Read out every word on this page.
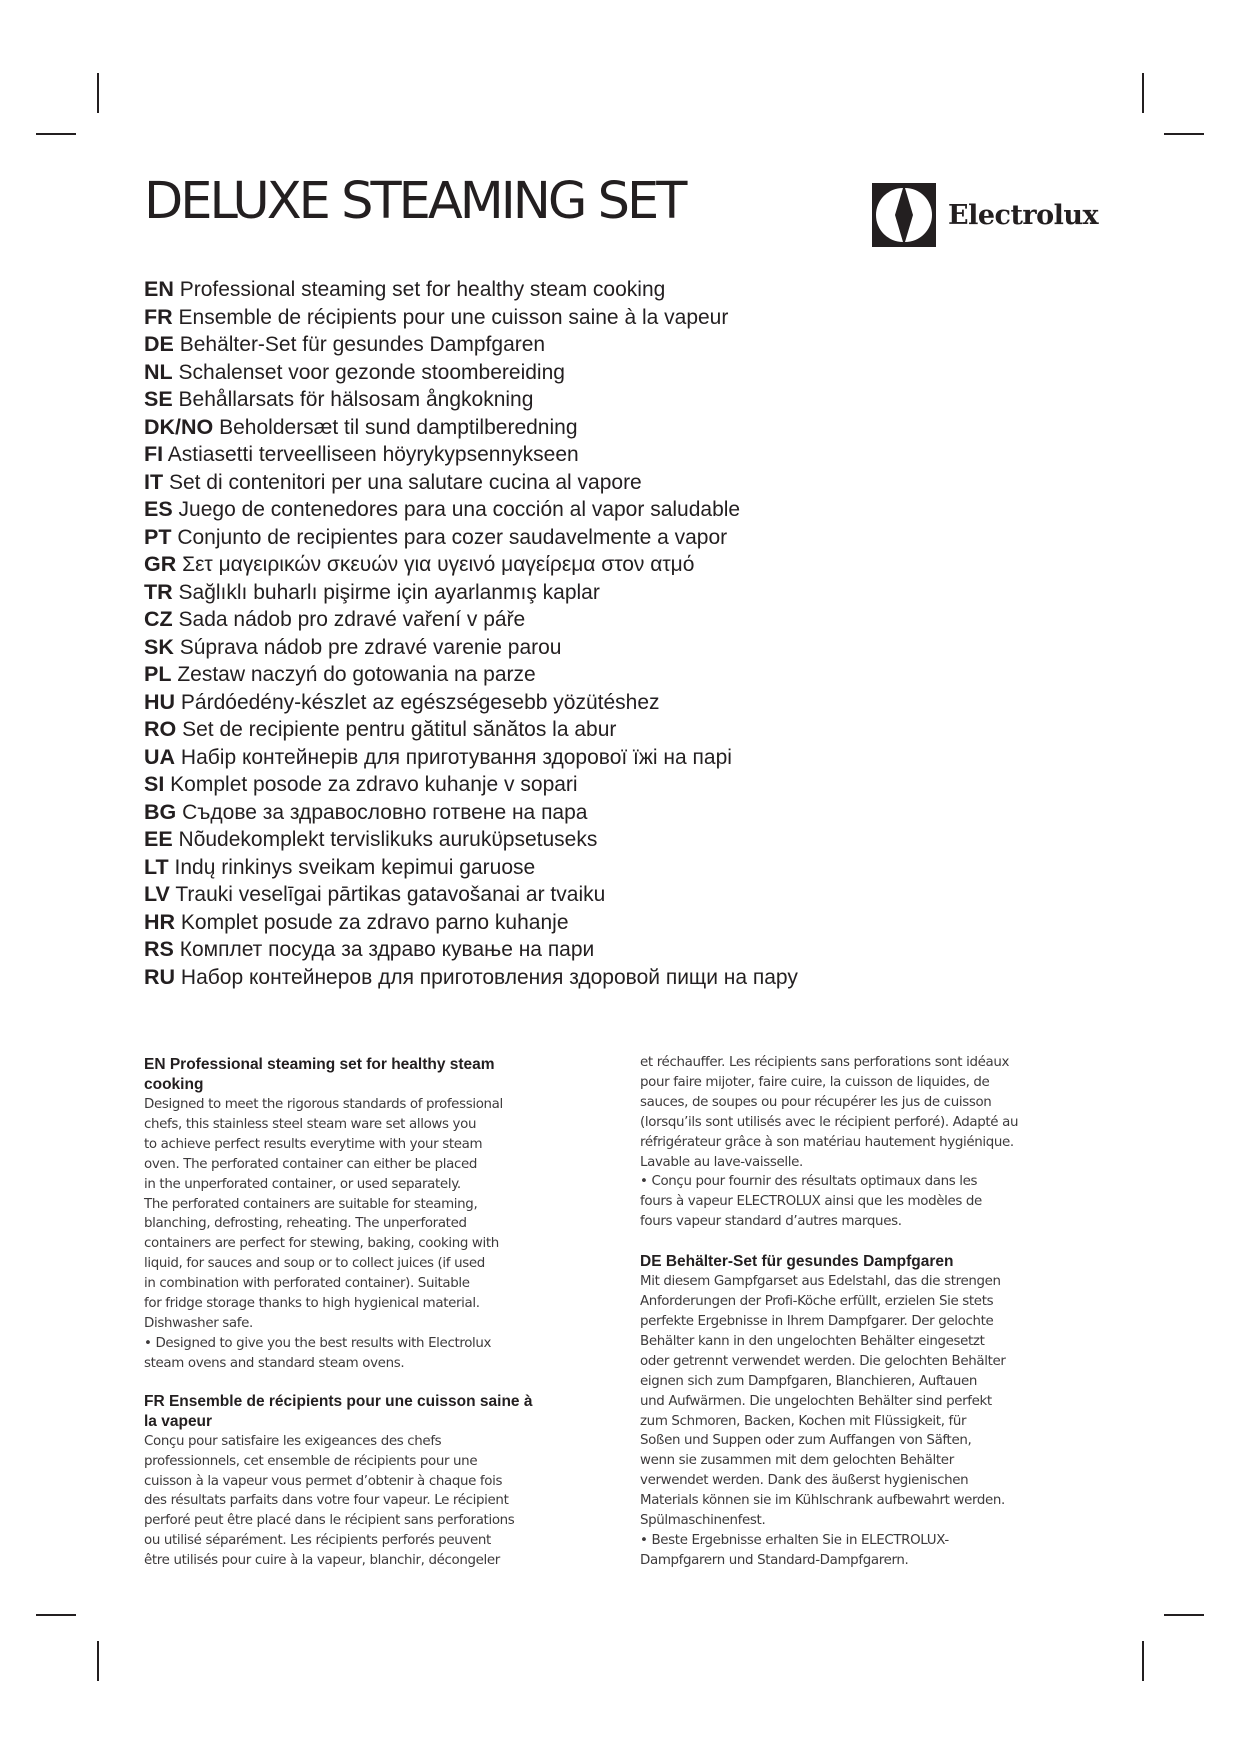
DELUXE STEAMING SET	Electrolux
EN Professional steaming set for healthy steam cooking
FR Ensemble de récipients pour une cuisson saine à la vapeur
DE Behälter-Set für gesundes Dampfgaren
NL Schalenset voor gezonde stoombereiding
SE Behållarsats för hälsosam ångkokning
DK/NO Beholdersæt til sund damptilberedning
FI Astiasetti terveelliseen höyrykypsennykseen
IT Set di contenitori per una salutare cucina al vapore
ES Juego de contenedores para una cocción al vapor saludable
PT Conjunto de recipientes para cozer saudavelmente a vapor
GR Σετ μαγειρικών σκευών για υγεινό μαγείρεμα στον ατμό
TR Sağlıklı buharlı pişirme için ayarlanmış kaplar
CZ Sada nádob pro zdravé vaření v páře
SK Súprava nádob pre zdravé varenie parou
PL Zestaw naczyń do gotowania na parze
HU Párdóedény-készlet az egészségesebb yözütéshez
RO Set de recipiente pentru gătitul sănătos la abur
UA Набір контейнерів для приготування здорової їжі на парі
SI Komplet posode za zdravo kuhanje v sopari
BG Съдове за здравословно готвене на пара
EE Nõudekomplekt tervislikuks aurukϋpsetuseks
LT Indų rinkinys sveikam kepimui garuose
LV Trauki veselīgai pārtikas gatavošanai ar tvaiku
HR Komplet posude za zdravo parno kuhanje
RS Комплет посуда за здраво кување на пари
RU Набор контейнеров для приготовления здоровой пищи на пару
EN Professional steaming set for healthy steam
cooking

Designed to meet the rigorous standards of professional
chefs, this stainless steel steam ware set allows you
to achieve perfect results everytime with your steam
oven. The perforated container can either be placed
in the unperforated container, or used separately.
The perforated containers are suitable for steaming,
blanching, defrosting, reheating. The unperforated
containers are perfect for stewing, baking, cooking with
liquid, for sauces and soup or to collect juices (if used
in combination with perforated container). Suitable
for fridge storage thanks to high hygienical material.
Dishwasher safe.
• Designed to give you the best results with Electrolux
steam ovens and standard steam ovens.

FR Ensemble de récipients pour une cuisson saine à
la vapeur

Conçu pour satisfaire les exigeances des chefs
professionnels, cet ensemble de récipients pour une
cuisson à la vapeur vous permet d’obtenir à chaque fois
des résultats parfaits dans votre four vapeur. Le récipient
perforé peut être placé dans le récipient sans perforations
ou utilisé séparément. Les récipients perforés peuvent
être utilisés pour cuire à la vapeur, blanchir, décongeler

et réchauffer. Les récipients sans perforations sont idéaux
pour faire mijoter, faire cuire, la cuisson de liquides, de
sauces, de soupes ou pour récupérer les jus de cuisson
(lorsqu’ils sont utilisés avec le récipient perforé). Adapté au
réfrigérateur grâce à son matériau hautement hygiénique.
Lavable au lave-vaisselle.
• Conçu pour fournir des résultats optimaux dans les
fours à vapeur ELECTROLUX ainsi que les modèles de
fours vapeur standard d’autres marques.

DE Behälter-Set für gesundes Dampfgaren

Mit diesem Gampfgarset aus Edelstahl, das die strengen
Anforderungen der Profi-Köche erfüllt, erzielen Sie stets
perfekte Ergebnisse in Ihrem Dampfgarer. Der gelochte
Behälter kann in den ungelochten Behälter eingesetzt
oder getrennt verwendet werden. Die gelochten Behälter
eignen sich zum Dampfgaren, Blanchieren, Auftauen
und Aufwärmen. Die ungelochten Behälter sind perfekt
zum Schmoren, Backen, Kochen mit Flüssigkeit, für
Soßen und Suppen oder zum Auffangen von Säften,
wenn sie zusammen mit dem gelochten Behälter
verwendet werden. Dank des äußerst hygienischen
Materials können sie im Kühlschrank aufbewahrt werden.
Spülmaschinenfest.
• Beste Ergebnisse erhalten Sie in ELECTROLUX-
Dampfgarern und Standard-Dampfgarern.
